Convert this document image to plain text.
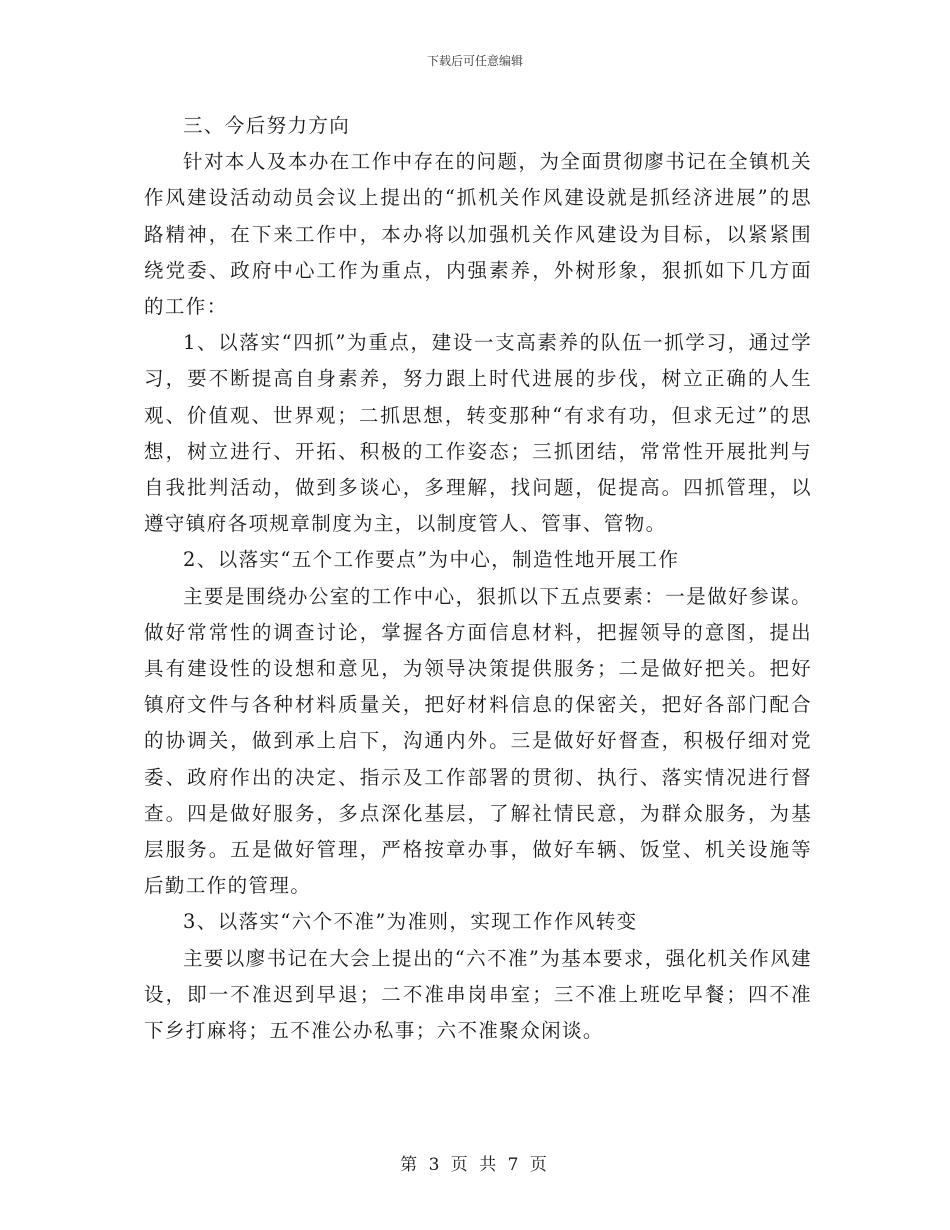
下载后可任意编辑

三、今后努力方向

针对本人及本办在工作中存在的问题，为全面贯彻廖书记在全镇机关作风建设活动动员会议上提出的“抓机关作风建设就是抓经济进展”的思路精神，在下来工作中，本办将以加强机关作风建设为目标，以紧紧围绕党委、政府中心工作为重点，内强素养，外树形象，狠抓如下几方面的工作：

1、以落实“四抓”为重点，建设一支高素养的队伍一抓学习，通过学习，要不断提高自身素养，努力跟上时代进展的步伐，树立正确的人生观、价值观、世界观；二抓思想，转变那种“有求有功，但求无过”的思想，树立进行、开拓、积极的工作姿态；三抓团结，常常性开展批判与自我批判活动，做到多谈心，多理解，找问题，促提高。四抓管理，以遵守镇府各项规章制度为主，以制度管人、管事、管物。

2、以落实“五个工作要点”为中心，制造性地开展工作

主要是围绕办公室的工作中心，狠抓以下五点要素：一是做好参谋。做好常常性的调查讨论，掌握各方面信息材料，把握领导的意图，提出具有建设性的设想和意见，为领导决策提供服务；二是做好把关。把好镇府文件与各种材料质量关，把好材料信息的保密关，把好各部门配合的协调关，做到承上启下，沟通内外。三是做好好督查，积极仔细对党委、政府作出的决定、指示及工作部署的贯彻、执行、落实情况进行督查。四是做好服务，多点深化基层，了解社情民意，为群众服务，为基层服务。五是做好管理，严格按章办事，做好车辆、饭堂、机关设施等后勤工作的管理。

3、以落实“六个不准”为准则，实现工作作风转变

主要以廖书记在大会上提出的“六不准”为基本要求，强化机关作风建设，即一不准迟到早退；二不准串岗串室；三不准上班吃早餐；四不准下乡打麻将；五不准公办私事；六不准聚众闲谈。

第 3 页 共 7 页
